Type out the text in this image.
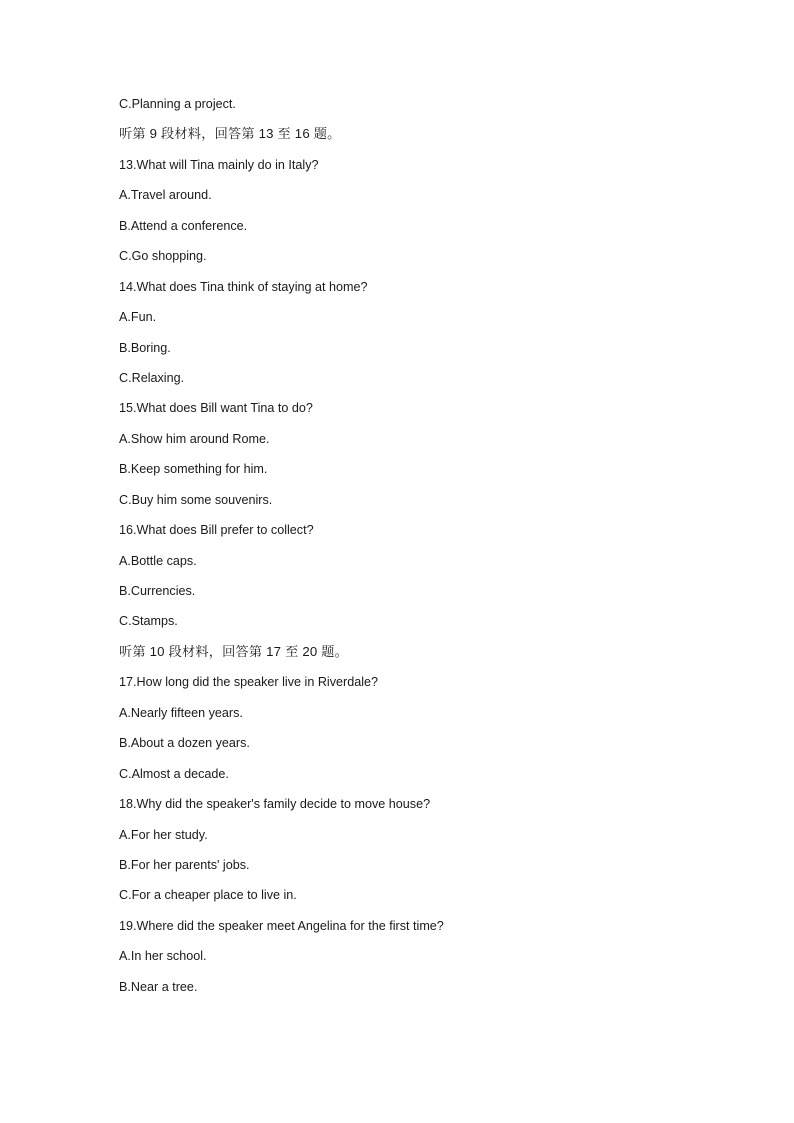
C.Planning a project.
听第 9 段材料，回答第 13 至 16 题。
13.What will Tina mainly do in Italy?
A.Travel around.
B.Attend a conference.
C.Go shopping.
14.What does Tina think of staying at home?
A.Fun.
B.Boring.
C.Relaxing.
15.What does Bill want Tina to do?
A.Show him around Rome.
B.Keep something for him.
C.Buy him some souvenirs.
16.What does Bill prefer to collect?
A.Bottle caps.
B.Currencies.
C.Stamps.
听第 10 段材料，回答第 17 至 20 题。
17.How long did the speaker live in Riverdale?
A.Nearly fifteen years.
B.About a dozen years.
C.Almost a decade.
18.Why did the speaker's family decide to move house?
A.For her study.
B.For her parents' jobs.
C.For a cheaper place to live in.
19.Where did the speaker meet Angelina for the first time?
A.In her school.
B.Near a tree.
